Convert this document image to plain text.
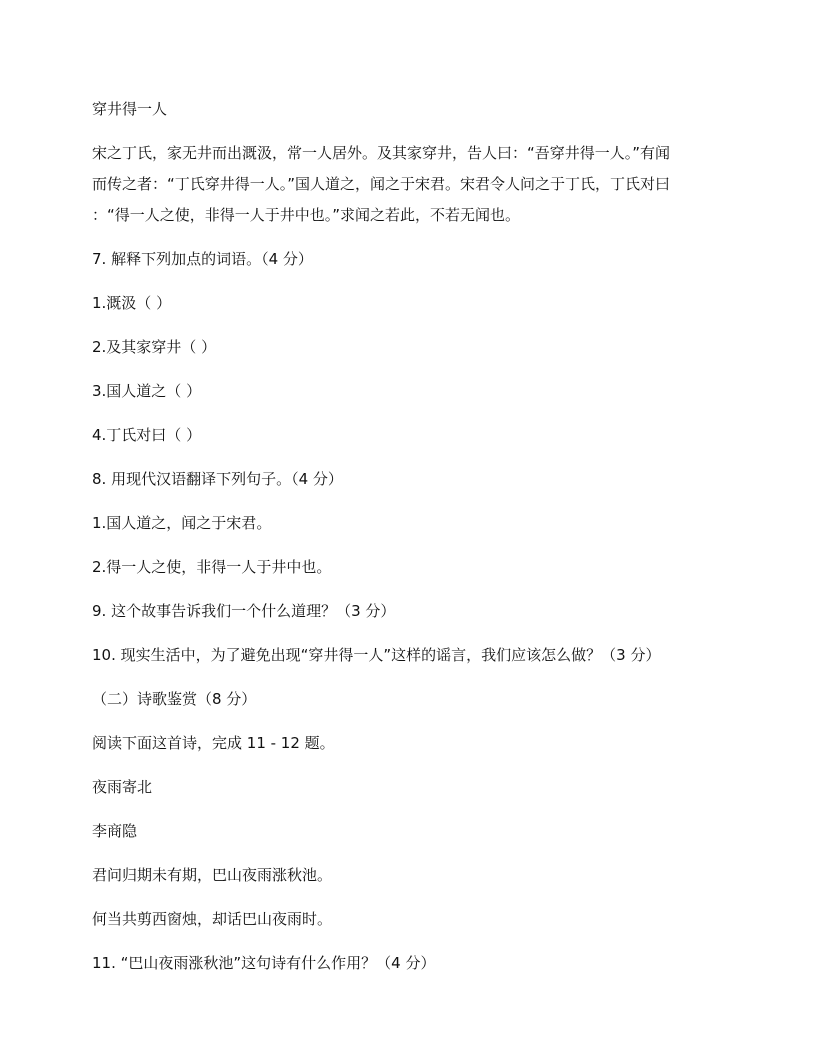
穿井得一人

宋之丁氏，家无井而出溉汲，常一人居外。及其家穿井，告人曰：“吾穿井得一人。”有闻

而传之者：“丁氏穿井得一人。”国人道之，闻之于宋君。宋君令人问之于丁氏，丁氏对曰

：“得一人之使，非得一人于井中也。”求闻之若此，不若无闻也。

7. 解释下列加点的词语。（4 分）

1.溉汲（ ）

2.及其家穿井（ ）

3.国人道之（ ）

4.丁氏对曰（ ）

8. 用现代汉语翻译下列句子。（4 分）

1.国人道之，闻之于宋君。

2.得一人之使，非得一人于井中也。

9. 这个故事告诉我们一个什么道理？（3 分）

10. 现实生活中，为了避免出现“穿井得一人”这样的谣言，我们应该怎么做？（3 分）

（二）诗歌鉴赏（8 分）

阅读下面这首诗，完成 11 - 12 题。

夜雨寄北

李商隐

君问归期未有期，巴山夜雨涨秋池。

何当共剪西窗烛，却话巴山夜雨时。

11. “巴山夜雨涨秋池”这句诗有什么作用？（4 分）
